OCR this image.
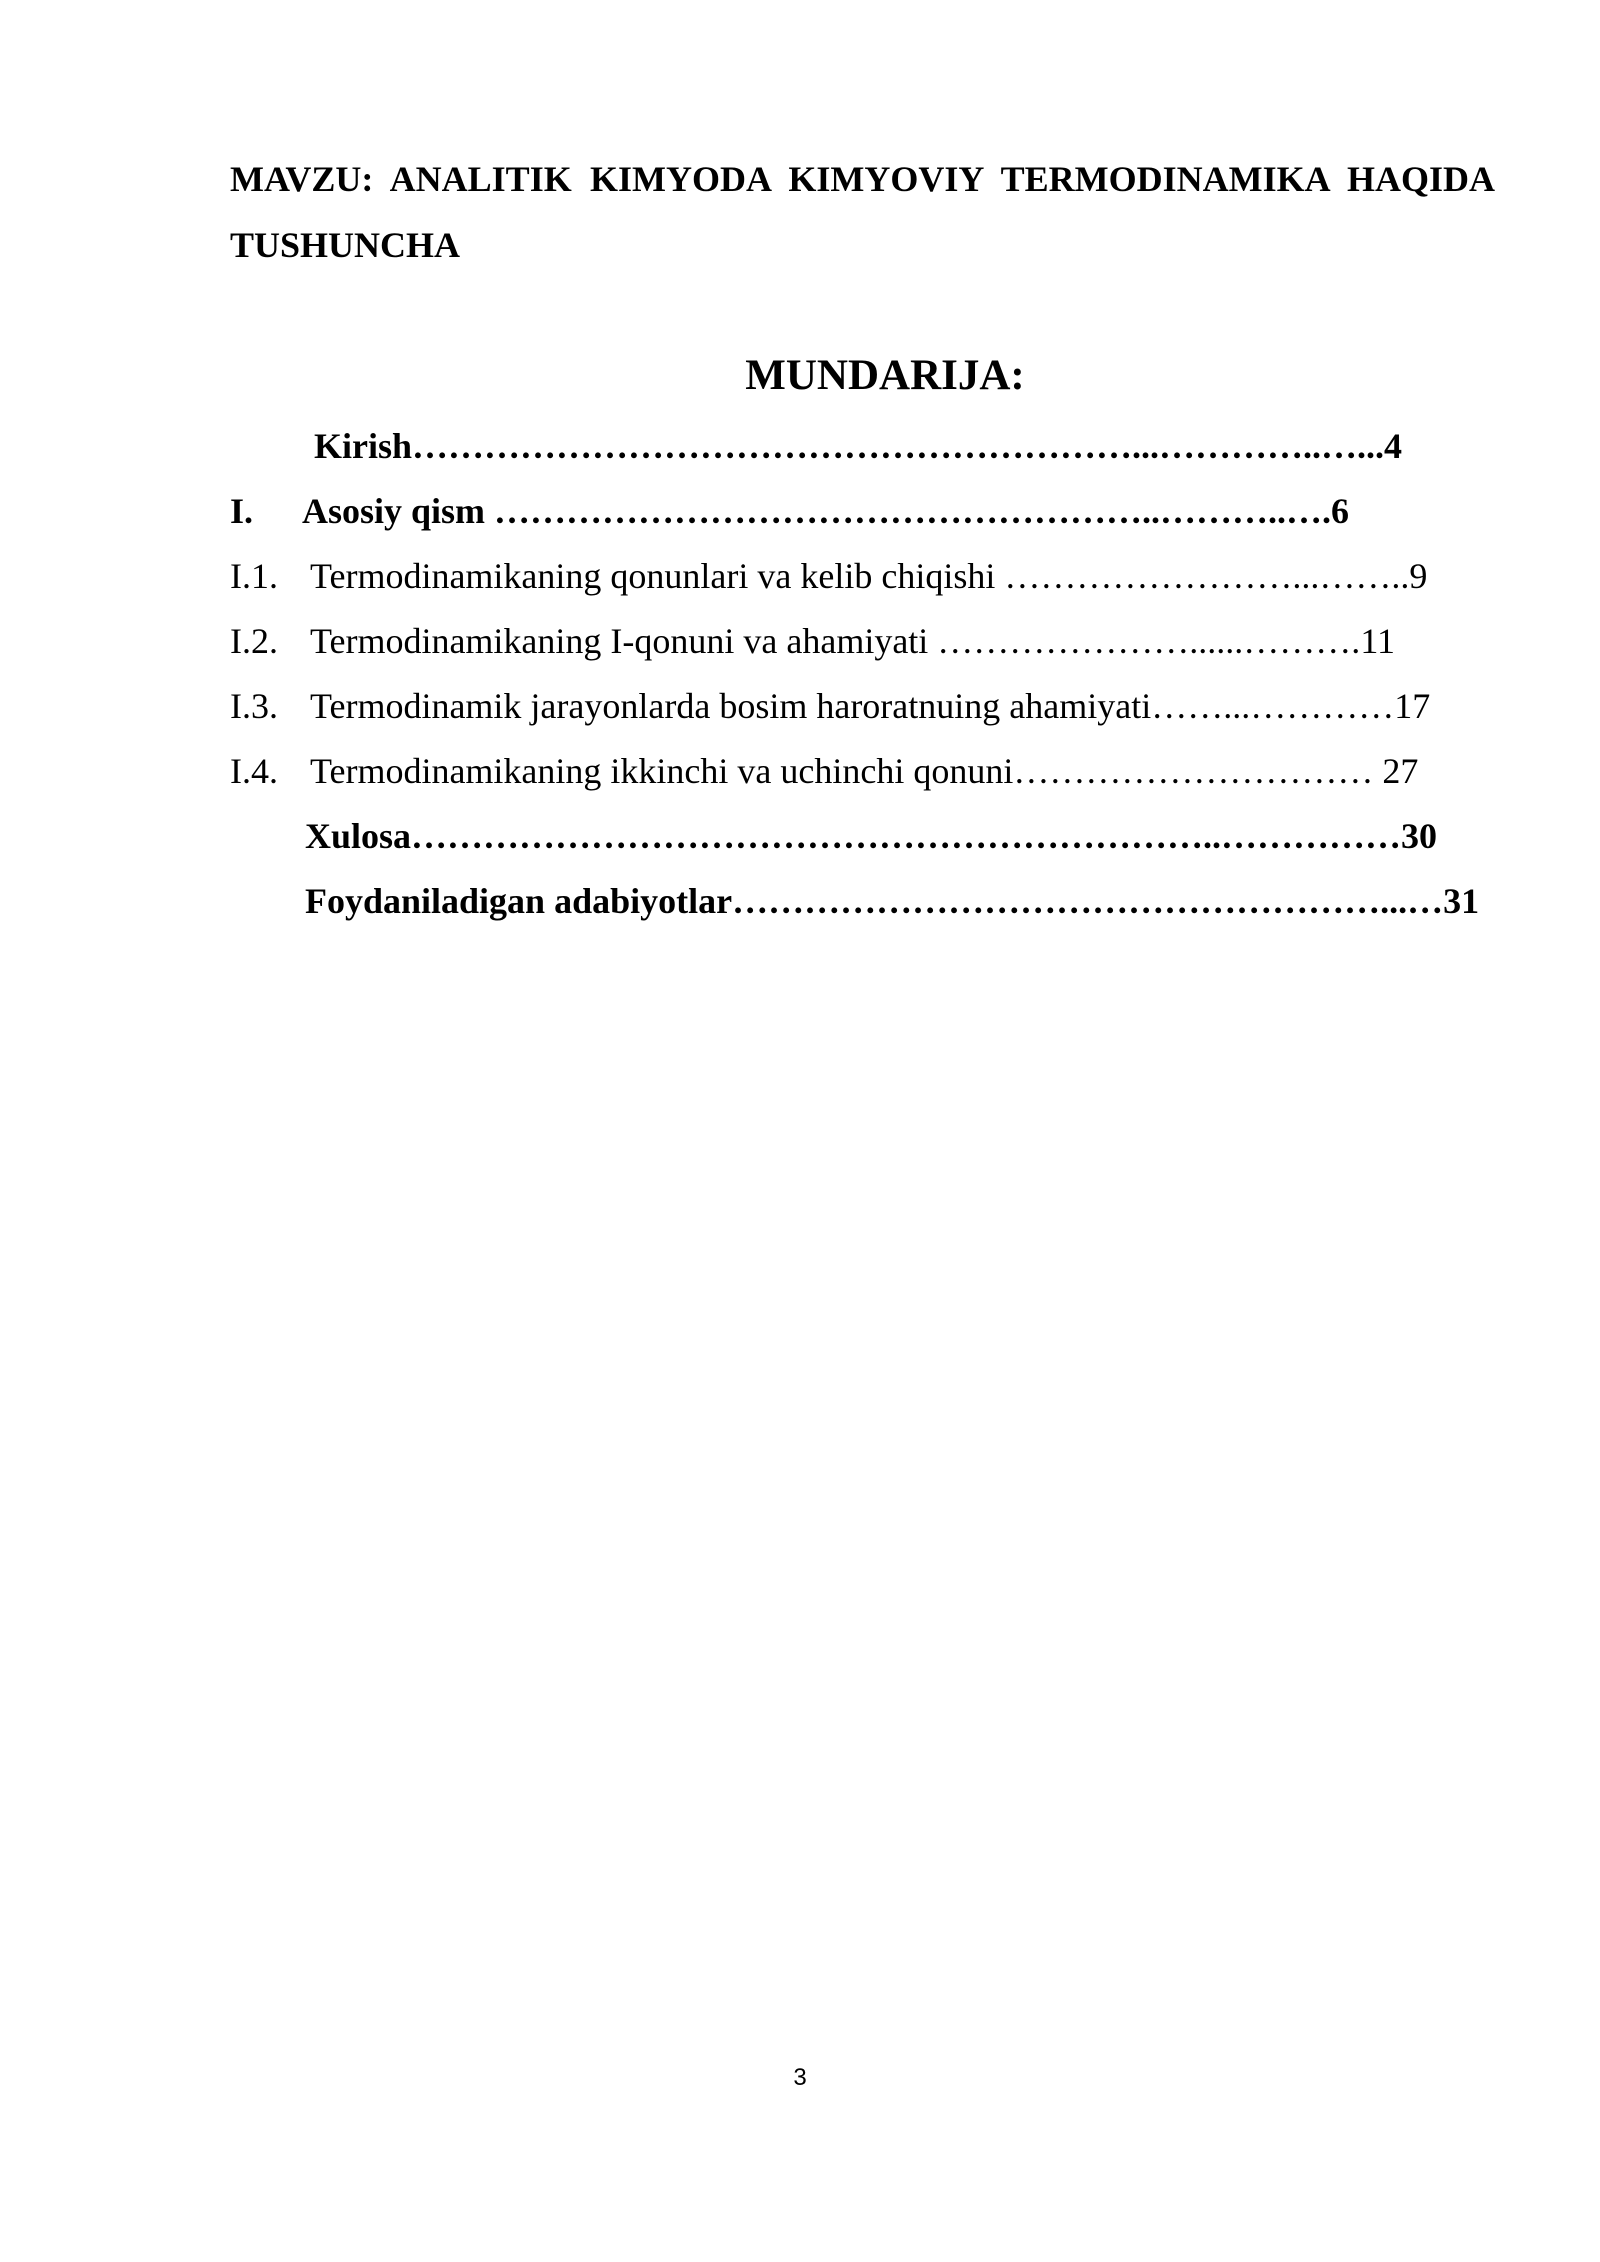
MAVZU: ANALITIK KIMYODA KIMYOVIY TERMODINAMIKA HAQIDA TUSHUNCHA

MUNDARIJA:

Kirish……………………………………………………...…………..…...4

I. Asosiy qism ………………………………………………..………..….6

I.1. Termodinamikaning qonunlari va kelib chiqishi ……………………...……..9

I.2. Termodinamikaning I-qonuni va ahamiyati …………………......……….11

I.3. Termodinamik jarayonlarda bosim haroratnuing ahamiyati……...…………17

I.4. Termodinamikaning ikkinchi va uchinchi qonuni………………………… 27

Xulosa…………………………………………………………..……………30

Foydaniladigan adabiyotlar………………………………………………...…31

3
